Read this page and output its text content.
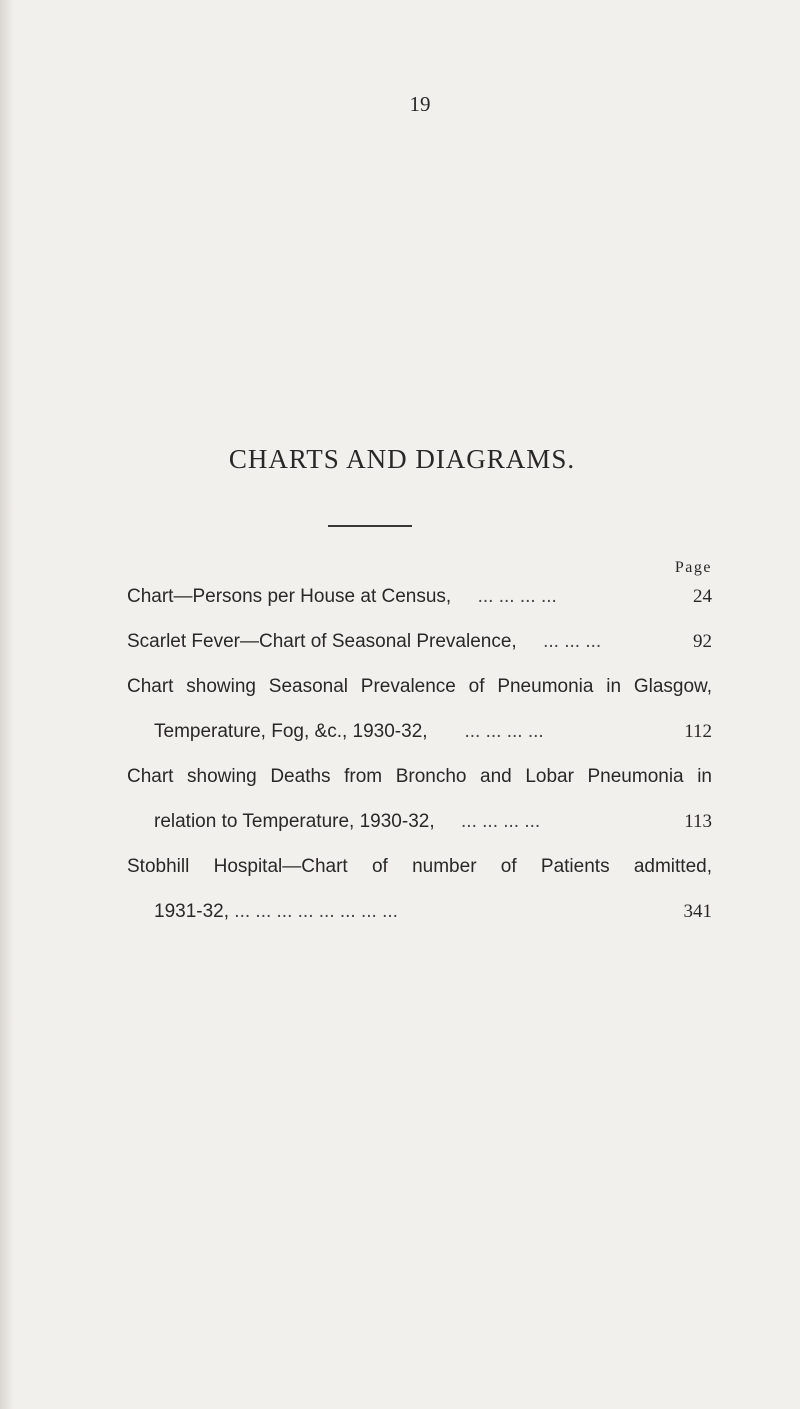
19
CHARTS AND DIAGRAMS.
Page
Chart—Persons per House at Census, ... ... ... ...	24
Scarlet Fever—Chart of Seasonal Prevalence, ... ... ...	92
Chart showing Seasonal Prevalence of Pneumonia in Glasgow,
Temperature, Fog, &c., 1930-32, ... ... ... ...	112
Chart showing Deaths from Broncho and Lobar Pneumonia in
relation to Temperature, 1930-32, ... ... ... ...	113
Stobhill Hospital—Chart of number of Patients admitted,
1931-32, ... ... ... ... ... ... ... ...	341
